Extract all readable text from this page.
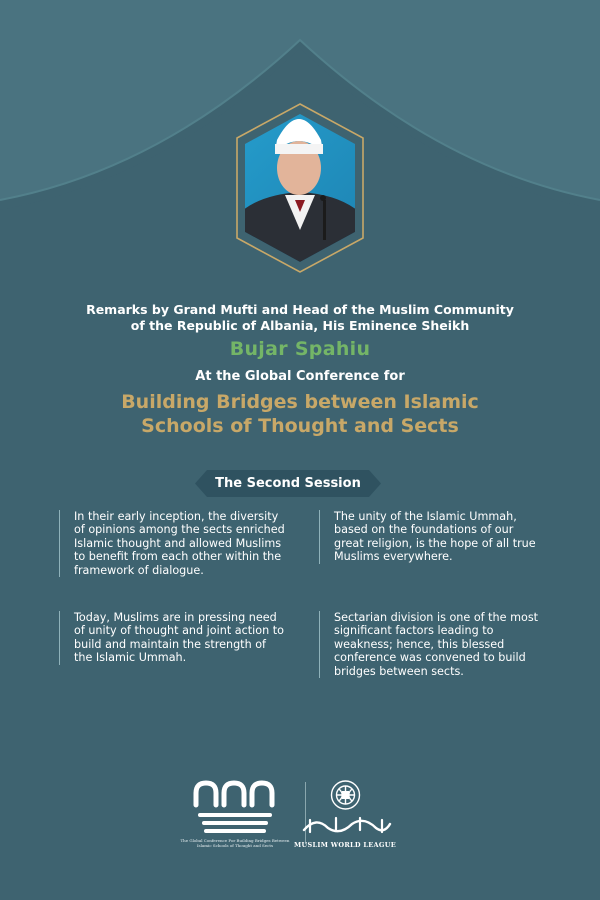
Remarks by Grand Mufti and Head of the Muslim Community of the Republic of Albania, His Eminence Sheikh
Bujar Spahiu
At the Global Conference for
Building Bridges between Islamic Schools of Thought and Sects
The Second Session
In their early inception, the diversity of opinions among the sects enriched Islamic thought and allowed Muslims to benefit from each other within the framework of dialogue.
The unity of the Islamic Ummah, based on the foundations of our great religion, is the hope of all true Muslims everywhere.
Today, Muslims are in pressing need of unity of thought and joint action to build and maintain the strength of the Islamic Ummah.
Sectarian division is one of the most significant factors leading to weakness; hence, this blessed conference was convened to build bridges between sects.
The Global Conference For Building Bridges Between Islamic Schools of Thought and Sects	MUSLIM WORLD LEAGUE
